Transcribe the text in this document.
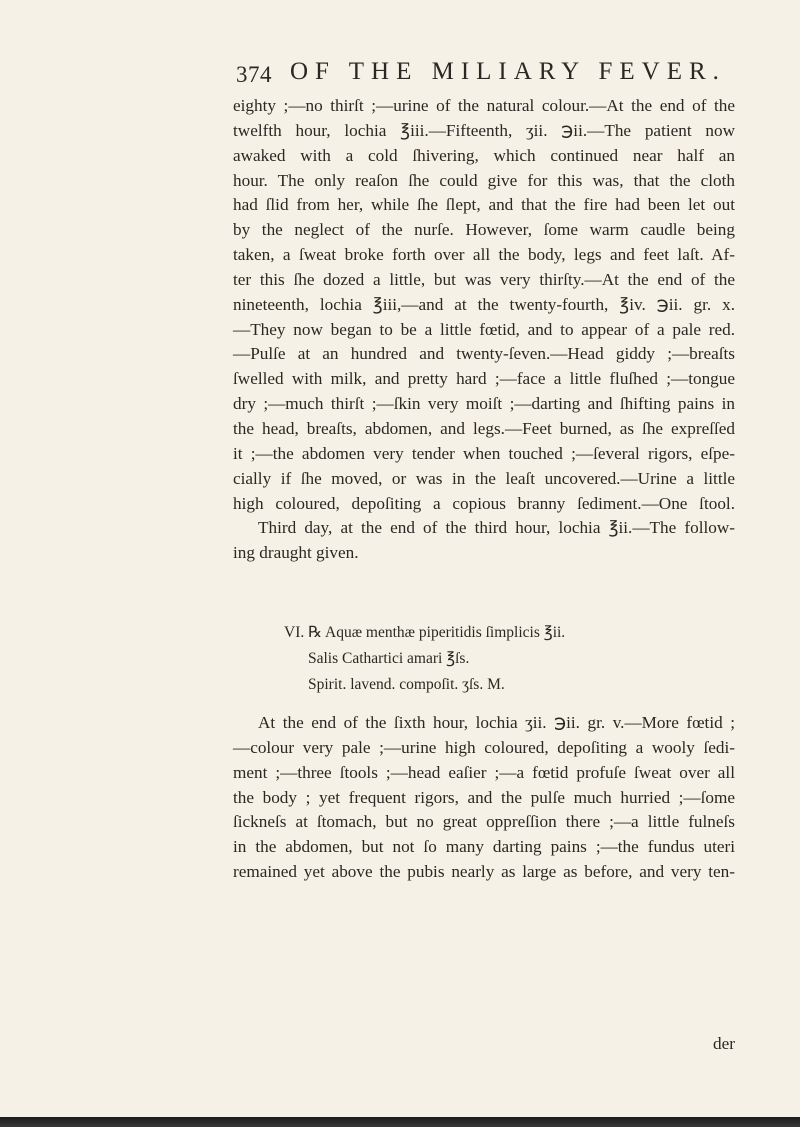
374 OF THE MILIARY FEVER.
eighty ;—no thirſt ;—urine of the natural colour.—At the end of the
twelfth hour, lochia ℥iii.—Fifteenth, ʒii. ℈ii.—The patient now
awaked with a cold ſhivering, which continued near half an
hour. The only reaſon ſhe could give for this was, that the cloth
had ſlid from her, while ſhe ſlept, and that the fire had been let out
by the neglect of the nurſe. However, ſome warm caudle being
taken, a ſweat broke forth over all the body, legs and feet laſt. Af-
ter this ſhe dozed a little, but was very thirſty.—At the end of the
nineteenth, lochia ℥iii,—and at the twenty-fourth, ℥iv. ℈ii. gr. x.
—They now began to be a little fœtid, and to appear of a pale red.
—Pulſe at an hundred and twenty-ſeven.—Head giddy ;—breaſts
ſwelled with milk, and pretty hard ;—face a little fluſhed ;—tongue
dry ;—much thirſt ;—ſkin very moiſt ;—darting and ſhifting pains in
the head, breaſts, abdomen, and legs.—Feet burned, as ſhe expreſſed
it ;—the abdomen very tender when touched ;—ſeveral rigors, eſpe-
cially if ſhe moved, or was in the leaſt uncovered.—Urine a little
high coloured, depoſiting a copious branny ſediment.—One ſtool.
Third day, at the end of the third hour, lochia ℥ii.—The follow-
ing draught given.
VI. ℞ Aquæ menthæ piperitidis ſimplicis ℥ii.
Salis Cathartici amari ℥ſs.
Spirit. lavend. compoſit. ʒſs. M.
At the end of the ſixth hour, lochia ʒii. ℈ii. gr. v.—More fœtid ;
—colour very pale ;—urine high coloured, depoſiting a wooly ſedi-
ment ;—three ſtools ;—head eaſier ;—a fœtid profuſe ſweat over all
the body ; yet frequent rigors, and the pulſe much hurried ;—ſome
ſickneſs at ſtomach, but no great oppreſſion there ;—a little fulneſs
in the abdomen, but not ſo many darting pains ;—the fundus uteri
remained yet above the pubis nearly as large as before, and very ten-
der
